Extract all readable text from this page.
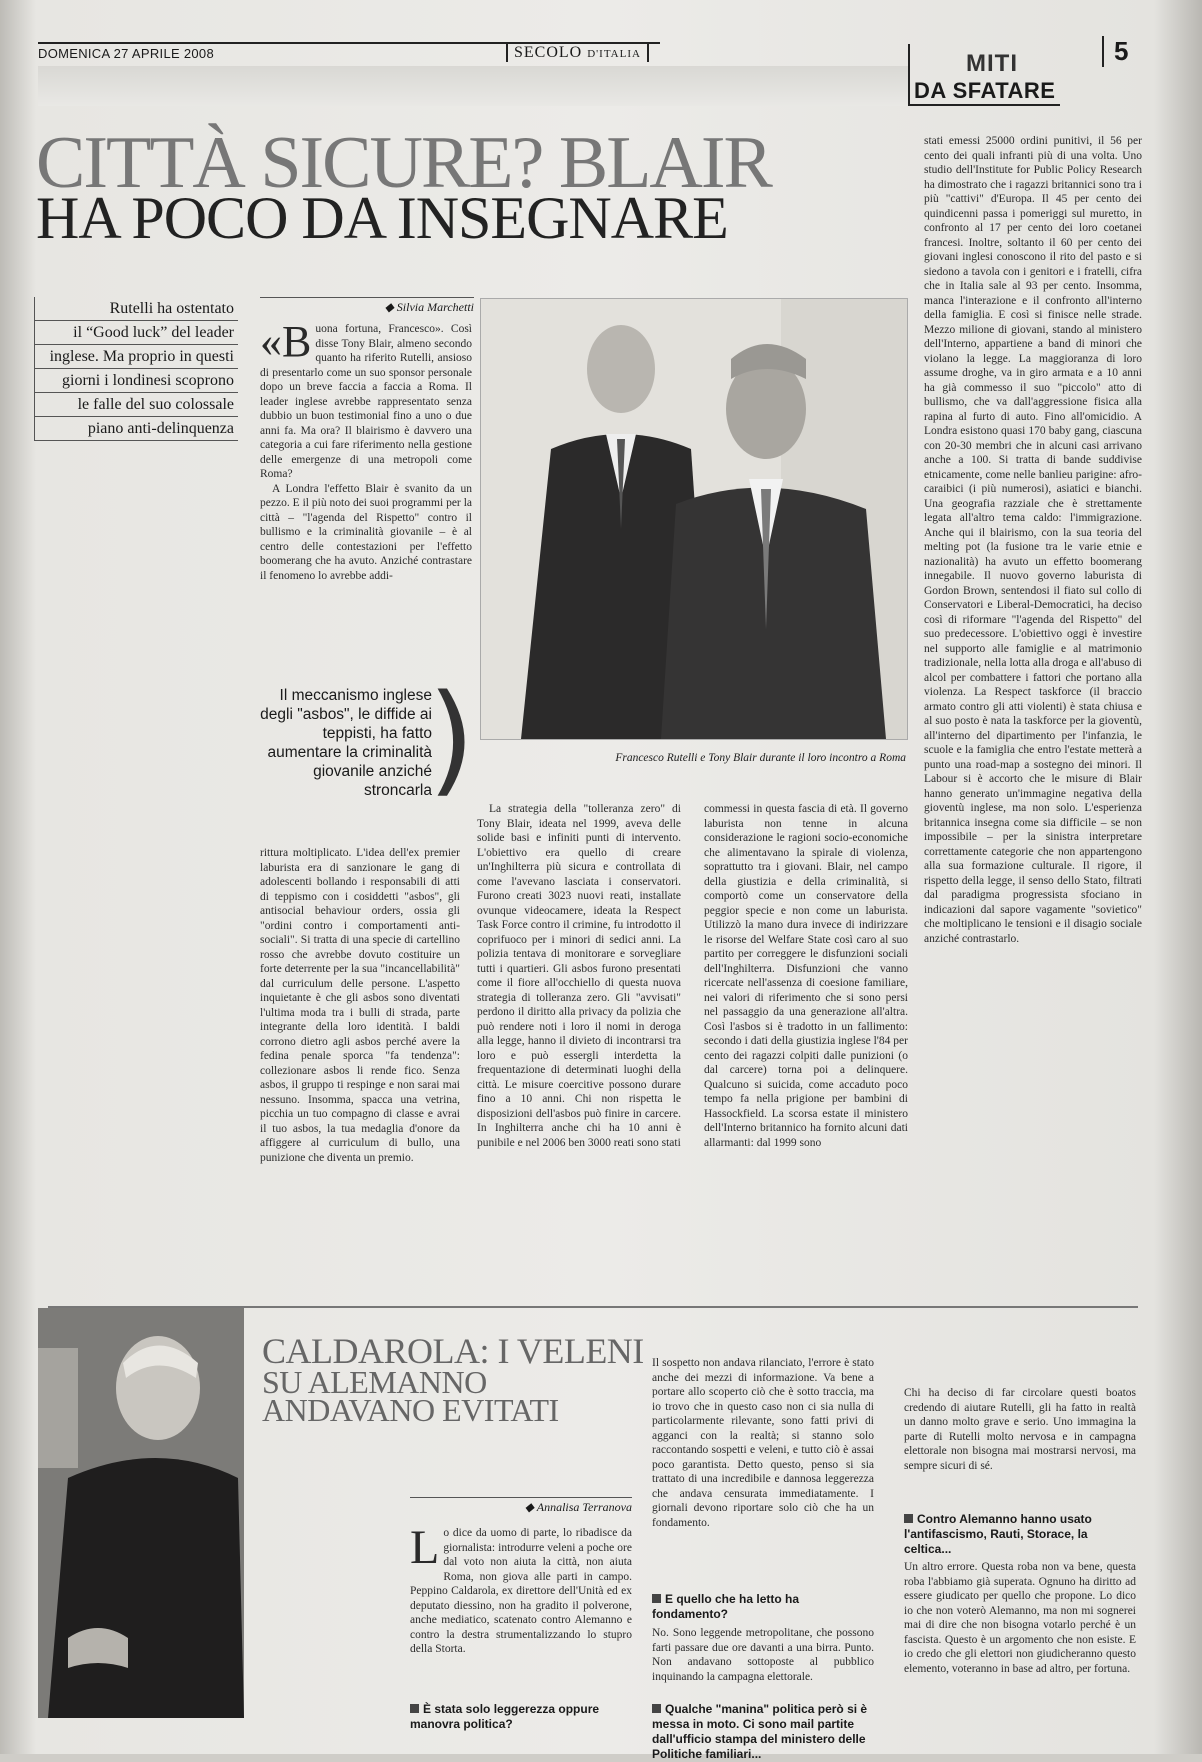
DOMENICA 27 APRILE 2008	SECOLO D'ITALIA	MITI
DA SFATARE
5
CITTÀ SICURE? BLAIR
HA POCO DA INSEGNARE
Rutelli ha ostentato
il “Good luck” del leader
inglese. Ma proprio in questi
giorni i londinesi scoprono
le falle del suo colossale
piano anti-delinquenza
◆ Silvia Marchetti
«B uona fortuna, Francesco». Così disse Tony Blair, almeno secondo quanto ha riferito Rutelli, ansioso di presentarlo come un suo sponsor personale dopo un breve faccia a faccia a Roma. Il leader inglese avrebbe rappresentato senza dubbio un buon testimonial fino a uno o due anni fa. Ma ora? Il blairismo è davvero una categoria a cui fare riferimento nella gestione delle emergenze di una metropoli come Roma?

A Londra l'effetto Blair è svanito da un pezzo. E il più noto dei suoi programmi per la città – "l'agenda del Rispetto" contro il bullismo e la criminalità giovanile – è al centro delle contestazioni per l'effetto boomerang che ha avuto. Anziché contrastare il fenomeno lo avrebbe addi-

Francesco Rutelli e Tony Blair durante il loro incontro a Roma
Il meccanismo inglese degli "asbos", le diffide ai teppisti, ha fatto aumentare la criminalità giovanile anziché stroncarla
)
rittura moltiplicato. L'idea dell'ex premier laburista era di sanzionare le gang di adolescenti bollando i responsabili di atti di teppismo con i cosiddetti "asbos", gli antisocial behaviour orders, ossia gli "ordini contro i comportamenti anti-sociali". Si tratta di una specie di cartellino rosso che avrebbe dovuto costituire un forte deterrente per la sua "incancellabilità" dal curriculum delle persone. L'aspetto inquietante è che gli asbos sono diventati l'ultima moda tra i bulli di strada, parte integrante della loro identità. I baldi corrono dietro agli asbos perché avere la fedina penale sporca "fa tendenza": collezionare asbos li rende fico. Senza asbos, il gruppo ti respinge e non sarai mai nessuno. Insomma, spacca una vetrina, picchia un tuo compagno di classe e avrai il tuo asbos, la tua medaglia d'onore da affiggere al curriculum di bullo, una punizione che diventa un premio.
La strategia della "tolleranza zero" di Tony Blair, ideata nel 1999, aveva delle solide basi e infiniti punti di intervento. L'obiettivo era quello di creare un'Inghilterra più sicura e controllata di come l'avevano lasciata i conservatori. Furono creati 3023 nuovi reati, installate ovunque videocamere, ideata la Respect Task Force contro il crimine, fu introdotto il coprifuoco per i minori di sedici anni. La polizia tentava di monitorare e sorvegliare tutti i quartieri. Gli asbos furono presentati come il fiore all'occhiello di questa nuova strategia di tolleranza zero. Gli "avvisati" perdono il diritto alla privacy da polizia che può rendere noti i loro il nomi in deroga alla legge, hanno il divieto di incontrarsi tra loro e può essergli interdetta la frequentazione di determinati luoghi della città. Le misure coercitive possono durare fino a 10 anni. Chi non rispetta le disposizioni dell'asbos può finire in carcere. In Inghilterra anche chi ha 10 anni è punibile e nel 2006 ben 3000 reati sono stati
commessi in questa fascia di età. Il governo laburista non tenne in alcuna considerazione le ragioni socio-economiche che alimentavano la spirale di violenza, soprattutto tra i giovani. Blair, nel campo della giustizia e della criminalità, si comportò come un conservatore della peggior specie e non come un laburista. Utilizzò la mano dura invece di indirizzare le risorse del Welfare State così caro al suo partito per correggere le disfunzioni sociali dell'Inghilterra. Disfunzioni che vanno ricercate nell'assenza di coesione familiare, nei valori di riferimento che si sono persi nel passaggio da una generazione all'altra. Così l'asbos si è tradotto in un fallimento: secondo i dati della giustizia inglese l'84 per cento dei ragazzi colpiti dalle punizioni (o dal carcere) torna poi a delinquere. Qualcuno si suicida, come accaduto poco tempo fa nella prigione per bambini di Hassockfield. La scorsa estate il ministero dell'Interno britannico ha fornito alcuni dati allarmanti: dal 1999 sono
stati emessi 25000 ordini punitivi, il 56 per cento dei quali infranti più di una volta. Uno studio dell'Institute for Public Policy Research ha dimostrato che i ragazzi britannici sono tra i più "cattivi" d'Europa. Il 45 per cento dei quindicenni passa i pomeriggi sul muretto, in confronto al 17 per cento dei loro coetanei francesi. Inoltre, soltanto il 60 per cento dei giovani inglesi conoscono il rito del pasto e si siedono a tavola con i genitori e i fratelli, cifra che in Italia sale al 93 per cento. Insomma, manca l'interazione e il confronto all'interno della famiglia. E così si finisce nelle strade. Mezzo milione di giovani, stando al ministero dell'Interno, appartiene a band di minori che violano la legge. La maggioranza di loro assume droghe, va in giro armata e a 10 anni ha già commesso il suo "piccolo" atto di bullismo, che va dall'aggressione fisica alla rapina al furto di auto. Fino all'omicidio. A Londra esistono quasi 170 baby gang, ciascuna con 20-30 membri che in alcuni casi arrivano anche a 100. Si tratta di bande suddivise etnicamente, come nelle banlieu parigine: afro-caraibici (i più numerosi), asiatici e bianchi. Una geografia razziale che è strettamente legata all'altro tema caldo: l'immigrazione. Anche qui il blairismo, con la sua teoria del melting pot (la fusione tra le varie etnie e nazionalità) ha avuto un effetto boomerang innegabile. Il nuovo governo laburista di Gordon Brown, sentendosi il fiato sul collo di Conservatori e Liberal-Democratici, ha deciso così di riformare "l'agenda del Rispetto" del suo predecessore. L'obiettivo oggi è investire nel supporto alle famiglie e al matrimonio tradizionale, nella lotta alla droga e all'abuso di alcol per combattere i fattori che portano alla violenza. La Respect taskforce (il braccio armato contro gli atti violenti) è stata chiusa e al suo posto è nata la taskforce per la gioventù, all'interno del dipartimento per l'infanzia, le scuole e la famiglia che entro l'estate metterà a punto una road-map a sostegno dei minori. Il Labour si è accorto che le misure di Blair hanno generato un'immagine negativa della gioventù inglese, ma non solo. L'esperienza britannica insegna come sia difficile – se non impossibile – per la sinistra interpretare correttamente categorie che non appartengono alla sua formazione culturale. Il rigore, il rispetto della legge, il senso dello Stato, filtrati dal paradigma progressista sfociano in indicazioni dal sapore vagamente "sovietico" che moltiplicano le tensioni e il disagio sociale anziché contrastarlo.
CALDAROLA: I VELENI
SU ALEMANNO
ANDAVANO EVITATI
◆ Annalisa Terranova
L o dice da uomo di parte, lo ribadisce da giornalista: introdurre veleni a poche ore dal voto non aiuta la città, non aiuta Roma, non giova alle parti in campo. Peppino Caldarola, ex direttore dell'Unità ed ex deputato diessino, non ha gradito il polverone, anche mediatico, scatenato contro Alemanno e contro la destra strumentalizzando lo stupro della Storta.
È stata solo leggerezza oppure manovra politica?
Il sospetto non andava rilanciato, l'errore è stato anche dei mezzi di informazione. Va bene a portare allo scoperto ciò che è sotto traccia, ma io trovo che in questo caso non ci sia nulla di particolarmente rilevante, sono fatti privi di agganci con la realtà; si stanno solo raccontando sospetti e veleni, e tutto ciò è assai poco garantista. Detto questo, penso si sia trattato di una incredibile e dannosa leggerezza che andava censurata immediatamente. I giornali devono riportare solo ciò che ha un fondamento.
E quello che ha letto ha fondamento?
No. Sono leggende metropolitane, che possono farti passare due ore davanti a una birra. Punto. Non andavano sottoposte al pubblico inquinando la campagna elettorale.
Qualche "manina" politica però si è messa in moto. Ci sono mail partite dall'ufficio stampa del ministero delle Politiche familiari...
Chi ha deciso di far circolare questi boatos credendo di aiutare Rutelli, gli ha fatto in realtà un danno molto grave e serio. Uno immagina la parte di Rutelli molto nervosa e in campagna elettorale non bisogna mai mostrarsi nervosi, ma sempre sicuri di sé.
Contro Alemanno hanno usato l'antifascismo, Rauti, Storace, la celtica...
Un altro errore. Questa roba non va bene, questa roba l'abbiamo già superata. Ognuno ha diritto ad essere giudicato per quello che propone. Lo dico io che non voterò Alemanno, ma non mi sognerei mai di dire che non bisogna votarlo perché è un fascista. Questo è un argomento che non esiste. E io credo che gli elettori non giudicheranno questo elemento, voteranno in base ad altro, per fortuna.
